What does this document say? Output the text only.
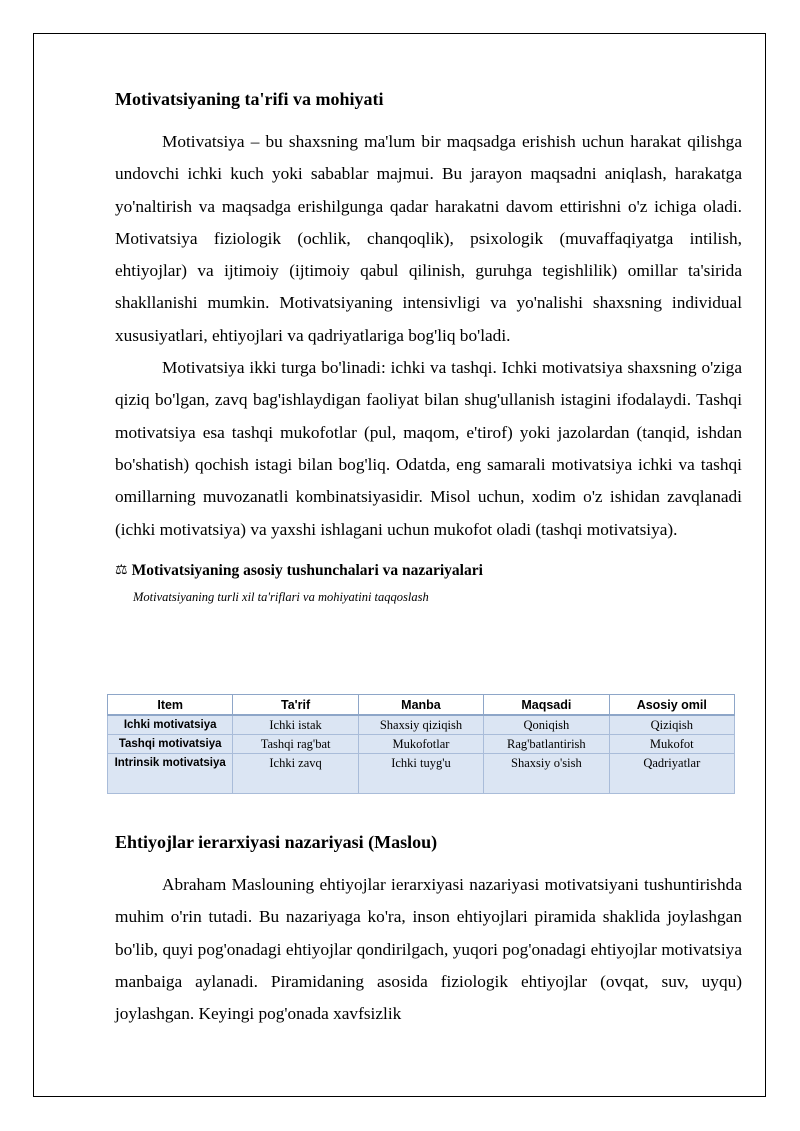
Motivatsiyaning ta'rifi va mohiyati

Motivatsiya – bu shaxsning ma'lum bir maqsadga erishish uchun harakat qilishga undovchi ichki kuch yoki sabablar majmui. Bu jarayon maqsadni aniqlash, harakatga yo'naltirish va maqsadga erishilgunga qadar harakatni davom ettirishni o'z ichiga oladi. Motivatsiya fiziologik (ochlik, chanqoqlik), psixologik (muvaffaqiyatga intilish, ehtiyojlar) va ijtimoiy (ijtimoiy qabul qilinish, guruhga tegishlilik) omillar ta'sirida shakllanishi mumkin. Motivatsiyaning intensivligi va yo'nalishi shaxsning individual xususiyatlari, ehtiyojlari va qadriyatlariga bog'liq bo'ladi.

Motivatsiya ikki turga bo'linadi: ichki va tashqi. Ichki motivatsiya shaxsning o'ziga qiziq bo'lgan, zavq bag'ishlaydigan faoliyat bilan shug'ullanish istagini ifodalaydi. Tashqi motivatsiya esa tashqi mukofotlar (pul, maqom, e'tirof) yoki jazolardan (tanqid, ishdan bo'shatish) qochish istagi bilan bog'liq. Odatda, eng samarali motivatsiya ichki va tashqi omillarning muvozanatli kombinatsiyasidir. Misol uchun, xodim o'z ishidan zavqlanadi (ichki motivatsiya) va yaxshi ishlagani uchun mukofot oladi (tashqi motivatsiya).

⚖ Motivatsiyaning asosiy tushunchalari va nazariyalari
Motivatsiyaning turli xil ta'riflari va mohiyatini taqqoslash
Item	Ta'rif	Manba	Maqsadi	Asosiy omil
Ichki motivatsiya	Ichki istak	Shaxsiy qiziqish	Qoniqish	Qiziqish
Tashqi motivatsiya	Tashqi rag'bat	Mukofotlar	Rag'batlantirish	Mukofot
Intrinsik motivatsiya	Ichki zavq	Ichki tuyg'u	Shaxsiy o'sish	Qadriyatlar
Ehtiyojlar ierarxiyasi nazariyasi (Maslou)

Abraham Maslouning ehtiyojlar ierarxiyasi nazariyasi motivatsiyani tushuntirishda muhim o'rin tutadi. Bu nazariyaga ko'ra, inson ehtiyojlari piramida shaklida joylashgan bo'lib, quyi pog'onadagi ehtiyojlar qondirilgach, yuqori pog'onadagi ehtiyojlar motivatsiya manbaiga aylanadi. Piramidaning asosida fiziologik ehtiyojlar (ovqat, suv, uyqu) joylashgan. Keyingi pog'onada xavfsizlik
